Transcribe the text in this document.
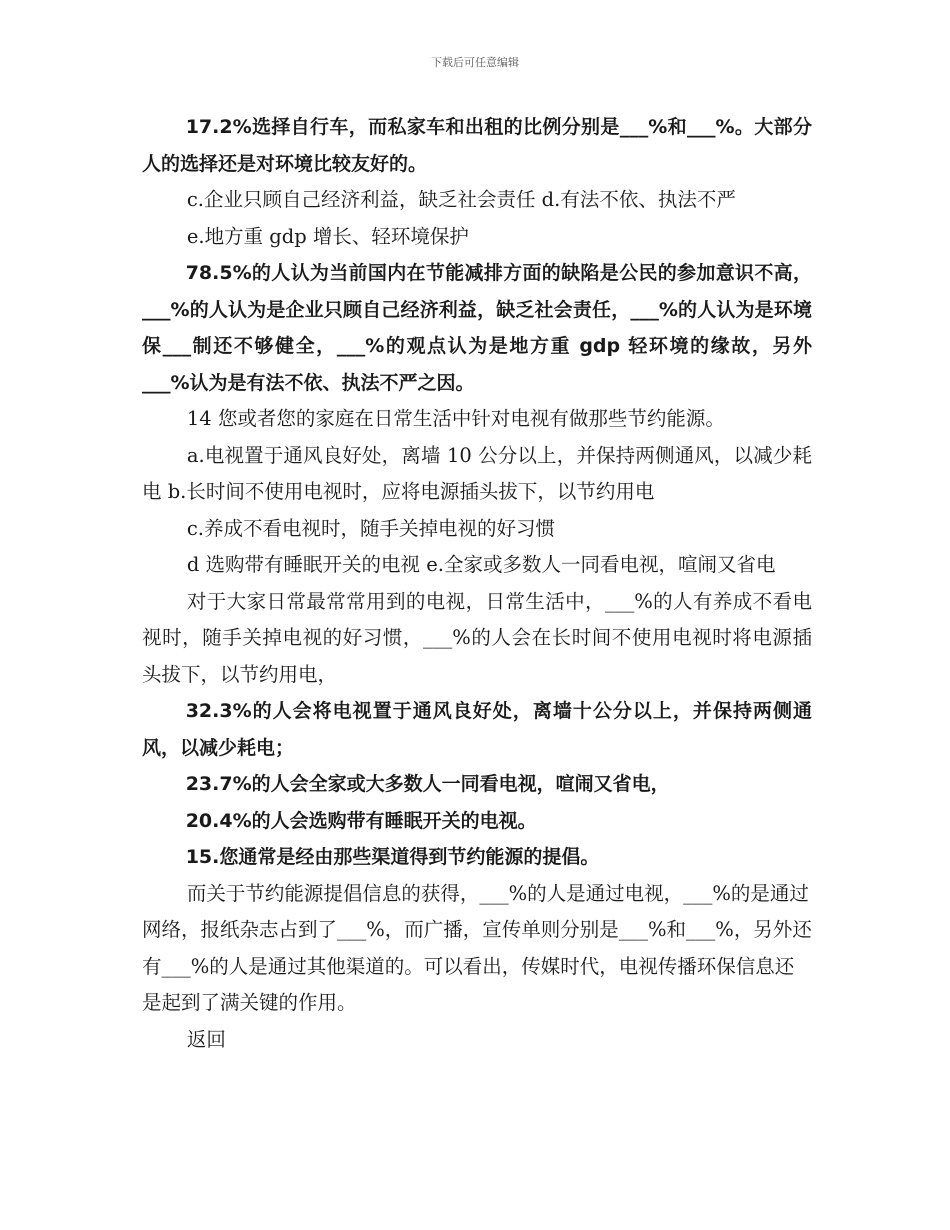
下载后可任意编辑

17.2%选择自行车，而私家车和出租的比例分别是___%和___%。大部分人的选择还是对环境比较友好的。

c.企业只顾自己经济利益，缺乏社会责任 d.有法不依、执法不严

e.地方重 gdp 增长、轻环境保护

78.5%的人认为当前国内在节能减排方面的缺陷是公民的参加意识不高，___%的人认为是企业只顾自己经济利益，缺乏社会责任，___%的人认为是环境保___制还不够健全，___%的观点认为是地方重 gdp 轻环境的缘故，另外___%认为是有法不依、执法不严之因。

14 您或者您的家庭在日常生活中针对电视有做那些节约能源。

a.电视置于通风良好处，离墙 10 公分以上，并保持两侧通风，以减少耗电 b.长时间不使用电视时，应将电源插头拔下，以节约用电

c.养成不看电视时，随手关掉电视的好习惯

d 选购带有睡眠开关的电视 e.全家或多数人一同看电视，喧闹又省电

对于大家日常最常常用到的电视，日常生活中，___%的人有养成不看电视时，随手关掉电视的好习惯，___%的人会在长时间不使用电视时将电源插头拔下，以节约用电，

32.3%的人会将电视置于通风良好处，离墙十公分以上，并保持两侧通风，以减少耗电；

23.7%的人会全家或大多数人一同看电视，喧闹又省电，

20.4%的人会选购带有睡眠开关的电视。

15.您通常是经由那些渠道得到节约能源的提倡。

而关于节约能源提倡信息的获得，___%的人是通过电视，___%的是通过网络，报纸杂志占到了___%，而广播，宣传单则分别是___%和___%，另外还有___%的人是通过其他渠道的。可以看出，传媒时代，电视传播环保信息还是起到了满关键的作用。

返回
